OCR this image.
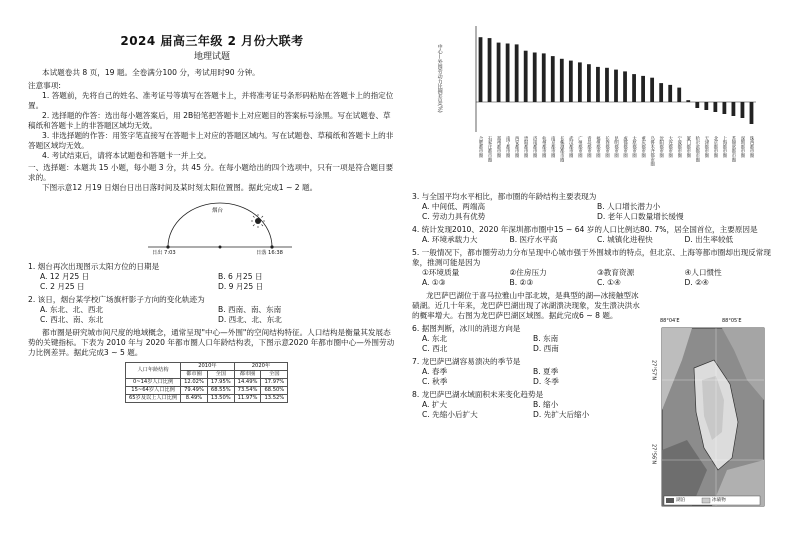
2024 届高三年级 2 月份大联考
地理试题

本试题卷共 8 页，19 题。全卷满分100 分，考试用时90 分钟。

注意事项:

1. 答题前，先将自己的姓名、准考证号等填写在答题卡上，并将准考证号条形码粘贴在答题卡上的指定位置。

2. 选择题的作答：选出每小题答案后，用 2B铅笔把答题卡上对应题目的答案标号涂黑。写在试题卷、草稿纸和答题卡上的非答题区域均无效。

3. 非选择题的作答：用签字笔直接写在答题卡上对应的答题区域内。写在试题卷、草稿纸和答题卡上的非答题区域均无效。

4. 考试结束后，请将本试题卷和答题卡一并上交。

一、选择题：本题共 15 小题，每小题 3 分，共 45 分。在每小题给出的四个选项中，只有一项是符合题目要求的。

下图示意12 月19 日烟台日出日落时间及某时刻太阳位置图。据此完成1 ~ 2 题。

烟台
日出 7:03	日落 16:38

1. 烟台再次出现图示太阳方位的日期是

A. 12 月25 日	B. 6 月25 日
C. 2 月25 日	D. 9 月25 日

2. 该日，烟台某学校广场旗杆影子方向的变化轨迹为

A. 东北、北、西北	B. 西南、南、东南
C. 西北、南、东北	D. 西北、北、东北

都市圈是研究城市间尺度的地域概念，通常呈现"中心—外围"的空间结构特征。人口结构是衡量其发展态势的关键指标。下表为 2010 年与 2020 年都市圈人口年龄结构表，下图示意2020 年都市圈中心—外围劳动力比例差异。据此完成3 ~ 5 题。

人口年龄结构	2010年		2020年	
	都市圈	全国	都市圈	全国
0~14岁人口比例	12.02%	17.95%	14.49%	17.97%
15~64岁人口比例	79.49%	68.55%	73.54%	68.50%
65岁及以上人口比例	8.49%	13.50%	11.97%	13.52%
合肥都市圈 石家庄都市圈 郑州都市圈 南宁都市圈 西安都市圈 贵阳都市圈 济南都市圈 杭州都市圈 南京都市圈 长株潭都市圈 武汉都市圈 广州都市圈 青岛都市圈 福州都市圈 长春都市圈 昆明都市圈 成都都市圈 太原都市圈 重庆都市圈 乌鲁木齐都市圈 沈阳都市圈 大连都市圈 宁波都市圈 厦门都市圈 哈尔滨都市圈 天津都市圈 北京都市圈 上海都市圈 苏锡常都市圈 深圳都市圈 珠西都市圈
中心—外围劳动力比例差异(%)

3. 与全国平均水平相比，都市圈的年龄结构主要表现为

A. 中间低、两端高	B. 人口增长潜力小
C. 劳动力具有优势	D. 老年人口数量增长缓慢

4. 统计发现2010、2020 年深圳都市圈中15 ~ 64 岁的人口比例达80. 7%，居全国首位，主要原因是

A. 环境承载力大	B. 医疗水平高	C. 城镇化进程快	D. 出生率较低

5. 一般情况下，都市圈劳动力分布呈现中心城市强于外围城市的特点，但北京、上海等都市圈却出现反常现象，推测可能是因为

①环境质量	②住房压力	③教育资源	④人口惯性
A. ①③	B. ②③	C. ①④	D. ②④

龙巴萨巴湖位于喜马拉雅山中部北坡，是典型的湖—冰接触型冰碛湖。近几十年来，龙巴萨巴湖出现了冰湖溃决现象，发生溃决洪水的概率增大。右图为龙巴萨巴湖区域图。据此完成6 ~ 8 题。

6. 据图判断，冰川的消退方向是

A. 东北	B. 东南
C. 西北	D. 西南

7. 龙巴萨巴湖容易溃决的季节是

A. 春季	B. 夏季
C. 秋季	D. 冬季

8. 龙巴萨巴湖水域面积未来变化趋势是

A. 扩大	B. 缩小
C. 先缩小后扩大	D. 先扩大后缩小
88°04′E	88°05′E
27°57′N
27°56′N
湖泊	冰碛物
